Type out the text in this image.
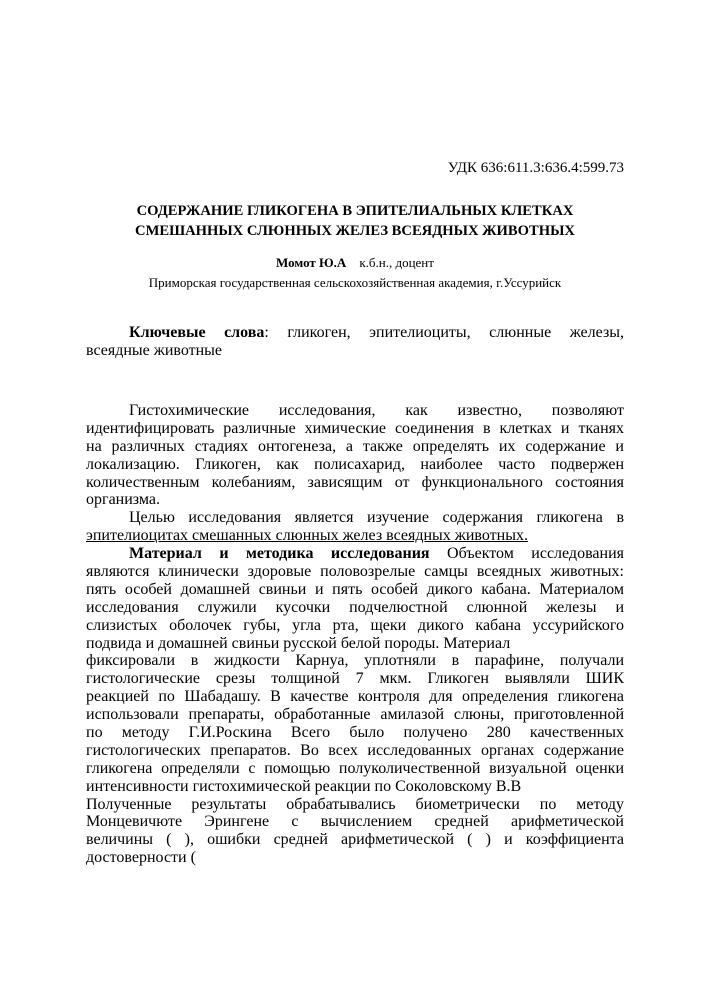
УДК 636:611.3:636.4:599.73
СОДЕРЖАНИЕ ГЛИКОГЕНА В ЭПИТЕЛИАЛЬНЫХ КЛЕТКАХ
СМЕШАННЫХ СЛЮННЫХ ЖЕЛЕЗ ВСЕЯДНЫХ ЖИВОТНЫХ
Момот Ю.А к.б.н., доцент
Приморская государственная сельскохозяйственная академия, г.Уссурийск
Ключевые слова: гликоген, эпителиоциты, слюнные железы,
всеядные животные
Гистохимические исследования, как известно, позволяют
идентифицировать различные химические соединения в клетках и тканях
на различных стадиях онтогенеза, а также определять их содержание и
локализацию. Гликоген, как полисахарид, наиболее часто подвержен
количественным колебаниям, зависящим от функционального состояния
организма.
Целью исследования является изучение содержания гликогена в
эпителиоцитах смешанных слюнных желез всеядных животных.
Материал и методика исследования Объектом исследования
являются клинически здоровые половозрелые самцы всеядных животных:
пять особей домашней свиньи и пять особей дикого кабана. Материалом
исследования служили кусочки подчелюстной слюнной железы и
слизистых оболочек губы, угла рта, щеки дикого кабана уссурийского
подвида и домашней свиньи русской белой породы. Материал
фиксировали в жидкости Карнуа, уплотняли в парафине, получали
гистологические срезы толщиной 7 мкм. Гликоген выявляли ШИК
реакцией по Шабадашу. В качестве контроля для определения гликогена
использовали препараты, обработанные амилазой слюны, приготовленной
по методу Г.И.Роскина Всего было получено 280 качественных
гистологических препаратов. Во всех исследованных органах содержание
гликогена определяли с помощью полуколичественной визуальной оценки
интенсивности гистохимической реакции по Соколовскому В.В
Полученные результаты обрабатывались биометрически по методу
Монцевичюте Эрингене с вычислением средней арифметической
величины ( ), ошибки средней арифметической ( ) и коэффициента
достоверности (
